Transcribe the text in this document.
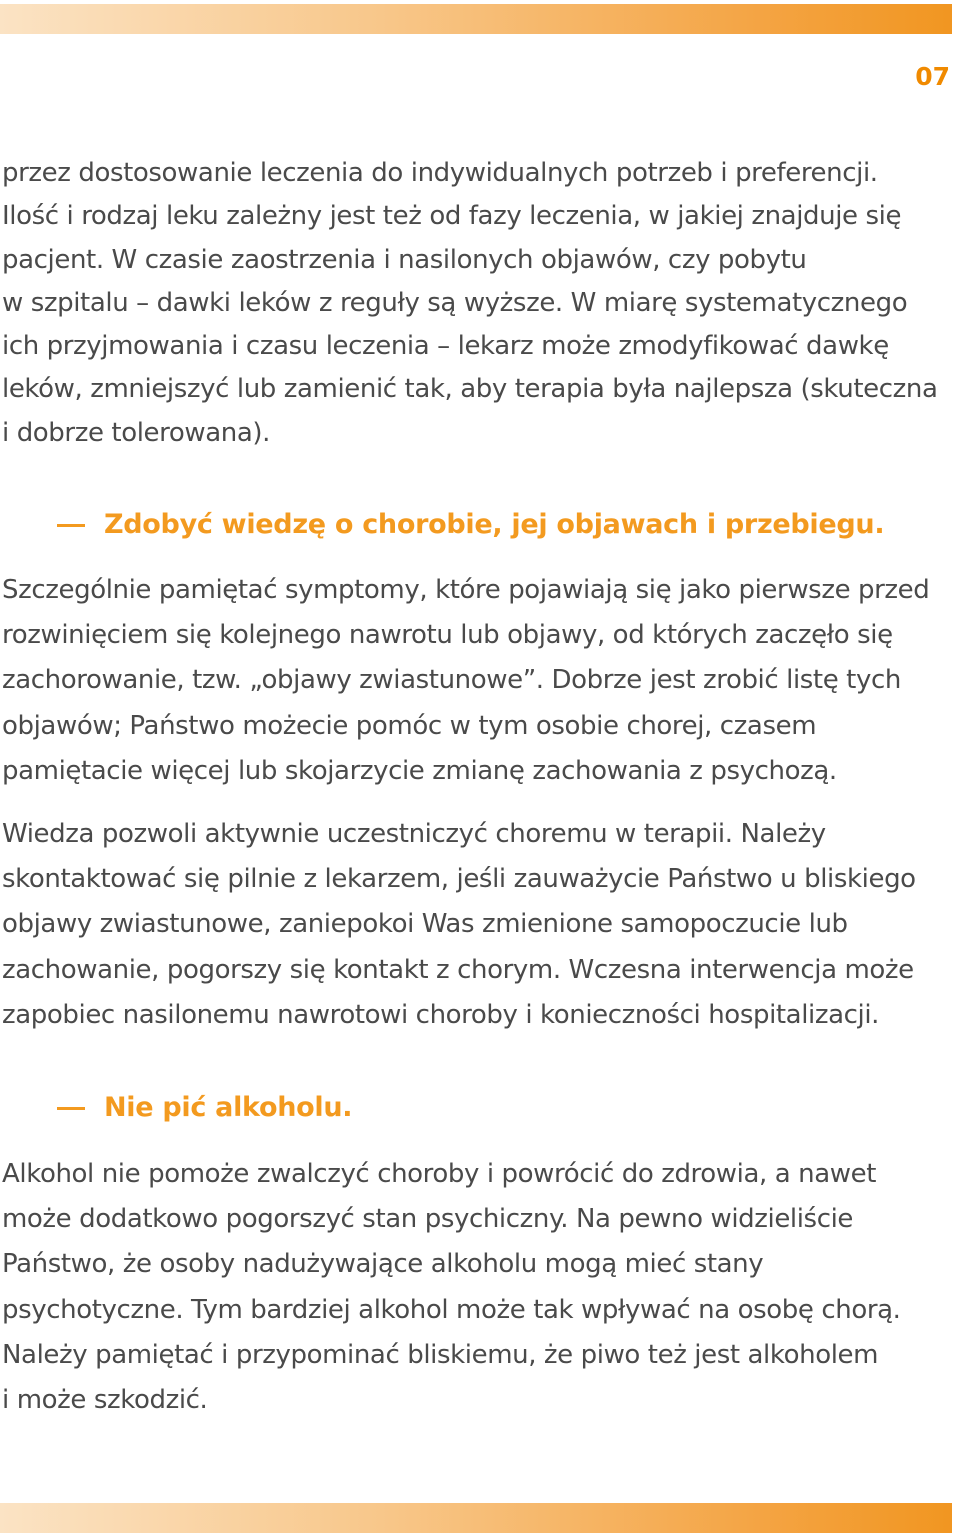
07

przez dostosowanie leczenia do indywidualnych potrzeb i preferencji.
Ilość i rodzaj leku zależny jest też od fazy leczenia, w jakiej znajduje się
pacjent. W czasie zaostrzenia i nasilonych objawów, czy pobytu
w szpitalu – dawki leków z reguły są wyższe. W miarę systematycznego
ich przyjmowania i czasu leczenia – lekarz może zmodyfikować dawkę
leków, zmniejszyć lub zamienić tak, aby terapia była najlepsza (skuteczna
i dobrze tolerowana).

Zdobyć wiedzę o chorobie, jej objawach i przebiegu.

Szczególnie pamiętać symptomy, które pojawiają się jako pierwsze przed
rozwinięciem się kolejnego nawrotu lub objawy, od których zaczęło się
zachorowanie, tzw. „objawy zwiastunowe”. Dobrze jest zrobić listę tych
objawów; Państwo możecie pomóc w tym osobie chorej, czasem
pamiętacie więcej lub skojarzycie zmianę zachowania z psychozą.

Wiedza pozwoli aktywnie uczestniczyć choremu w terapii. Należy
skontaktować się pilnie z lekarzem, jeśli zauważycie Państwo u bliskiego
objawy zwiastunowe, zaniepokoi Was zmienione samopoczucie lub
zachowanie, pogorszy się kontakt z chorym. Wczesna interwencja może
zapobiec nasilonemu nawrotowi choroby i konieczności hospitalizacji.

Nie pić alkoholu.

Alkohol nie pomoże zwalczyć choroby i powrócić do zdrowia, a nawet
może dodatkowo pogorszyć stan psychiczny. Na pewno widzieliście
Państwo, że osoby nadużywające alkoholu mogą mieć stany
psychotyczne. Tym bardziej alkohol może tak wpływać na osobę chorą.
Należy pamiętać i przypominać bliskiemu, że piwo też jest alkoholem
i może szkodzić.
